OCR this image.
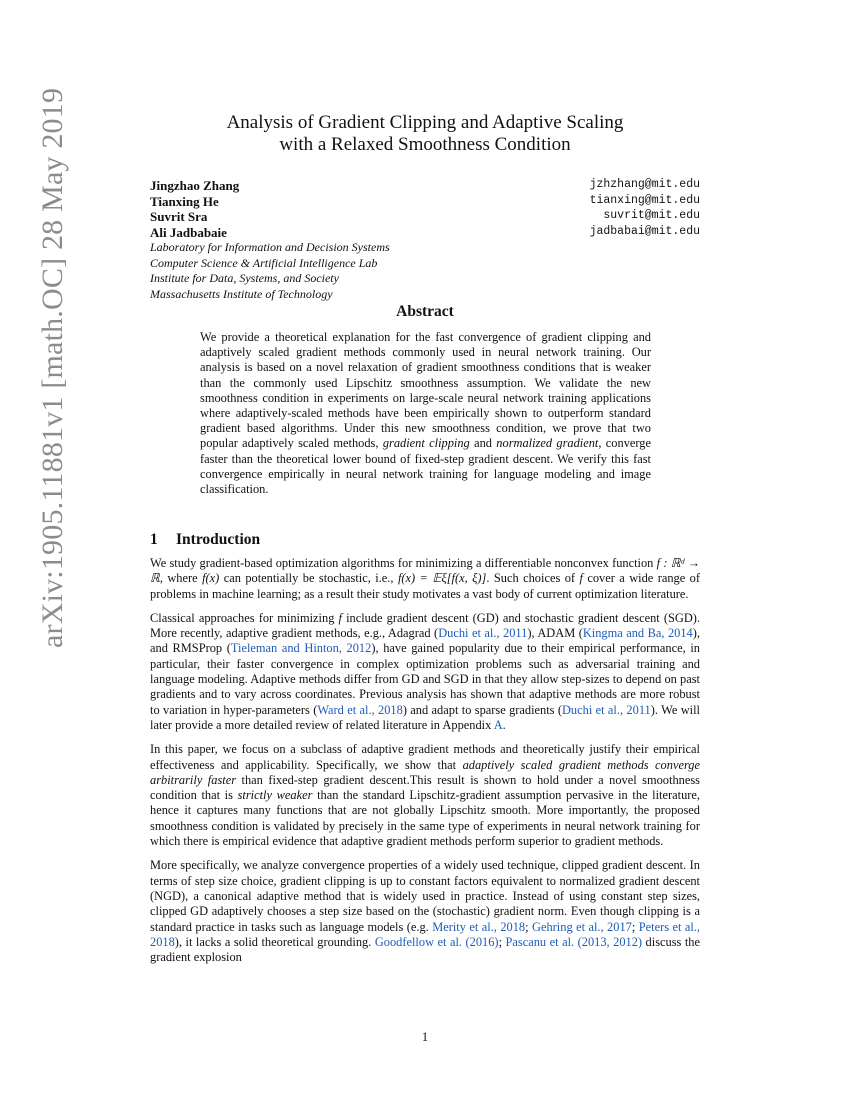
arXiv:1905.11881v1 [math.OC] 28 May 2019	Analysis of Gradient Clipping and Adaptive Scaling
with a Relaxed Smoothness Condition
Jingzhao Zhang	jzhzhang@mit.edu
Tianxing He	tianxing@mit.edu
Suvrit Sra	suvrit@mit.edu
Ali Jadbabaie	jadbabai@mit.edu
Laboratory for Information and Decision Systems
Computer Science & Artificial Intelligence Lab
Institute for Data, Systems, and Society
Massachusetts Institute of Technology
Abstract
We provide a theoretical explanation for the fast convergence of gradient clipping and adaptively scaled gradient methods commonly used in neural network training. Our analysis is based on a novel relaxation of gradient smoothness conditions that is weaker than the commonly used Lipschitz smoothness assumption. We validate the new smoothness condition in experiments on large-scale neural network training applications where adaptively-scaled methods have been empirically shown to outperform standard gradient based algorithms. Under this new smoothness condition, we prove that two popular adaptively scaled methods, gradient clipping and normalized gradient, converge faster than the theoretical lower bound of fixed-step gradient descent. We verify this fast convergence empirically in neural network training for language modeling and image classification.
1 Introduction

We study gradient-based optimization algorithms for minimizing a differentiable nonconvex function f : ℝᵈ → ℝ, where f(x) can potentially be stochastic, i.e., f(x) = 𝔼ξ[f(x, ξ)]. Such choices of f cover a wide range of problems in machine learning; as a result their study motivates a vast body of current optimization literature.

Classical approaches for minimizing f include gradient descent (GD) and stochastic gradient descent (SGD). More recently, adaptive gradient methods, e.g., Adagrad (Duchi et al., 2011), ADAM (Kingma and Ba, 2014), and RMSProp (Tieleman and Hinton, 2012), have gained popularity due to their empirical performance, in particular, their faster convergence in complex optimization problems such as adversarial training and language modeling. Adaptive methods differ from GD and SGD in that they allow step-sizes to depend on past gradients and to vary across coordinates. Previous analysis has shown that adaptive methods are more robust to variation in hyper-parameters (Ward et al., 2018) and adapt to sparse gradients (Duchi et al., 2011). We will later provide a more detailed review of related literature in Appendix A.

In this paper, we focus on a subclass of adaptive gradient methods and theoretically justify their empirical effectiveness and applicability. Specifically, we show that adaptively scaled gradient methods converge arbitrarily faster than fixed-step gradient descent.This result is shown to hold under a novel smoothness condition that is strictly weaker than the standard Lipschitz-gradient assumption pervasive in the literature, hence it captures many functions that are not globally Lipschitz smooth. More importantly, the proposed smoothness condition is validated by precisely in the same type of experiments in neural network training for which there is empirical evidence that adaptive gradient methods perform superior to gradient methods.

More specifically, we analyze convergence properties of a widely used technique, clipped gradient descent. In terms of step size choice, gradient clipping is up to constant factors equivalent to normalized gradient descent (NGD), a canonical adaptive method that is widely used in practice. Instead of using constant step sizes, clipped GD adaptively chooses a step size based on the (stochastic) gradient norm. Even though clipping is a standard practice in tasks such as language models (e.g. Merity et al., 2018; Gehring et al., 2017; Peters et al., 2018), it lacks a solid theoretical grounding. Goodfellow et al. (2016); Pascanu et al. (2013, 2012) discuss the gradient explosion

1
